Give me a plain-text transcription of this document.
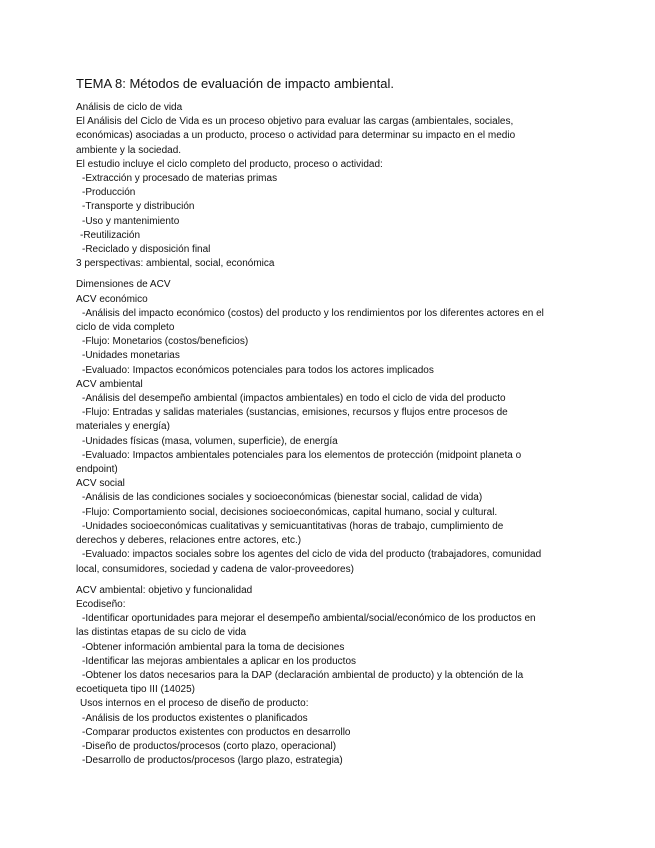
TEMA 8: Métodos de evaluación de impacto ambiental.
Análisis de ciclo de vida
El Análisis del Ciclo de Vida es un proceso objetivo para evaluar las cargas (ambientales, sociales,
económicas) asociadas a un producto, proceso o actividad para determinar su impacto en el medio
ambiente y la sociedad.
El estudio incluye el ciclo completo del producto, proceso o actividad:
-Extracción y procesado de materias primas
-Producción
-Transporte y distribución
-Uso y mantenimiento
-Reutilización
-Reciclado y disposición final
3 perspectivas: ambiental, social, económica
Dimensiones de ACV
ACV económico
-Análisis del impacto económico (costos) del producto y los rendimientos por los diferentes actores en el
ciclo de vida completo
-Flujo: Monetarios (costos/beneficios)
-Unidades monetarias
-Evaluado: Impactos económicos potenciales para todos los actores implicados
ACV ambiental
-Análisis del desempeño ambiental (impactos ambientales) en todo el ciclo de vida del producto
-Flujo: Entradas y salidas materiales (sustancias, emisiones, recursos y flujos entre procesos de
materiales y energía)
-Unidades físicas (masa, volumen, superficie), de energía
-Evaluado: Impactos ambientales potenciales para los elementos de protección (midpoint planeta o
endpoint)
ACV social
-Análisis de las condiciones sociales y socioeconómicas (bienestar social, calidad de vida)
-Flujo: Comportamiento social, decisiones socioeconómicas, capital humano, social y cultural.
-Unidades socioeconómicas cualitativas y semicuantitativas (horas de trabajo, cumplimiento de
derechos y deberes, relaciones entre actores, etc.)
-Evaluado: impactos sociales sobre los agentes del ciclo de vida del producto (trabajadores, comunidad
local, consumidores, sociedad y cadena de valor-proveedores)
ACV ambiental: objetivo y funcionalidad
Ecodiseño:
-Identificar oportunidades para mejorar el desempeño ambiental/social/económico de los productos en
las distintas etapas de su ciclo de vida
-Obtener información ambiental para la toma de decisiones
-Identificar las mejoras ambientales a aplicar en los productos
-Obtener los datos necesarios para la DAP (declaración ambiental de producto) y la obtención de la
ecoetiqueta tipo III (14025)
Usos internos en el proceso de diseño de producto:
-Análisis de los productos existentes o planificados
-Comparar productos existentes con productos en desarrollo
-Diseño de productos/procesos (corto plazo, operacional)
-Desarrollo de productos/procesos (largo plazo, estrategia)
